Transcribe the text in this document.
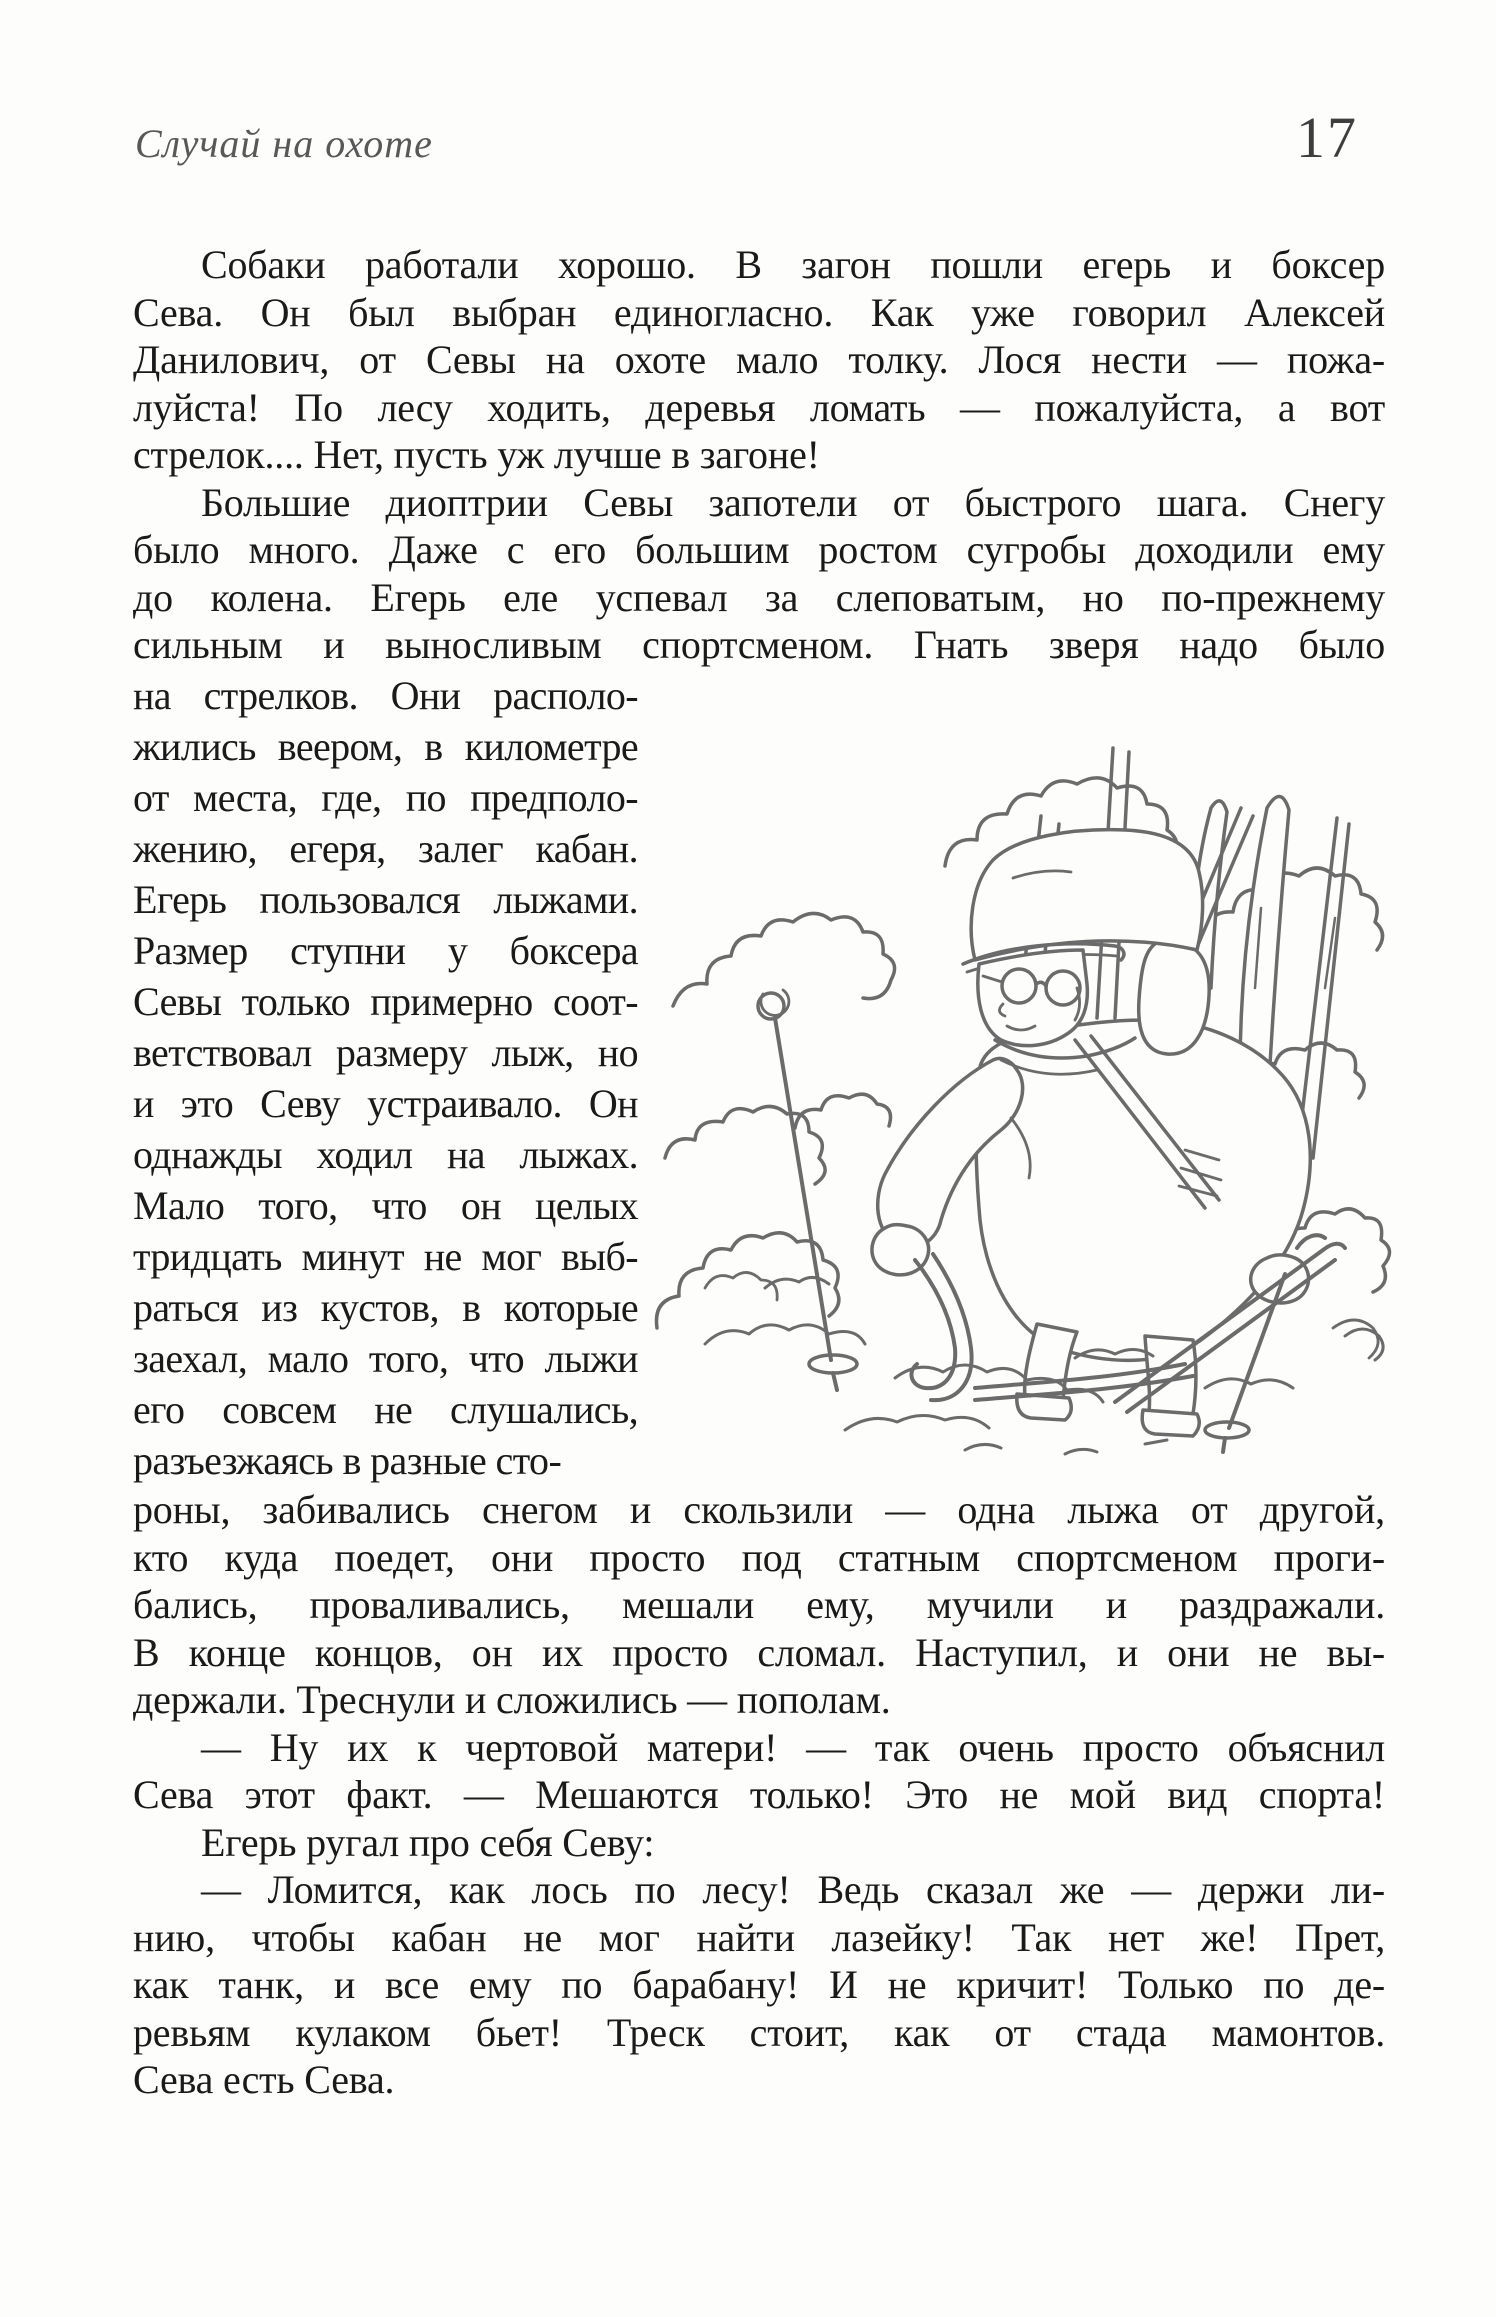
Случай на охоте	17
Собаки работали хорошо. В загон пошли егерь и боксер
Сева. Он был выбран единогласно. Как уже говорил Алексей
Данилович, от Севы на охоте мало толку. Лося нести — пожа-
луйста! По лесу ходить, деревья ломать — пожалуйста, а вот
стрелок.... Нет, пусть уж лучше в загоне!
Большие диоптрии Севы запотели от быстрого шага. Снегу
было много. Даже с его большим ростом сугробы доходили ему
до колена. Егерь еле успевал за слеповатым, но по-прежнему
сильным и выносливым спортсменом. Гнать зверя надо было
на стрелков. Они располо-
жились веером, в километре
от места, где, по предполо-
жению, егеря, залег кабан.
Егерь пользовался лыжами.
Размер ступни у боксера
Севы только примерно соот-
ветствовал размеру лыж, но
и это Севу устраивало. Он
однажды ходил на лыжах.
Мало того, что он целых
тридцать минут не мог выб-
раться из кустов, в которые
заехал, мало того, что лыжи
его совсем не слушались,
разъезжаясь в разные сто-
роны, забивались снегом и скользили — одна лыжа от другой,
кто куда поедет, они просто под статным спортсменом проги-
бались, проваливались, мешали ему, мучили и раздражали.
В конце концов, он их просто сломал. Наступил, и они не вы-
держали. Треснули и сложились — пополам.
— Ну их к чертовой матери! — так очень просто объяснил
Сева этот факт. — Мешаются только! Это не мой вид спорта!
Егерь ругал про себя Севу:
— Ломится, как лось по лесу! Ведь сказал же — держи ли-
нию, чтобы кабан не мог найти лазейку! Так нет же! Прет,
как танк, и все ему по барабану! И не кричит! Только по де-
ревьям кулаком бьет! Треск стоит, как от стада мамонтов.
Сева есть Сева.
